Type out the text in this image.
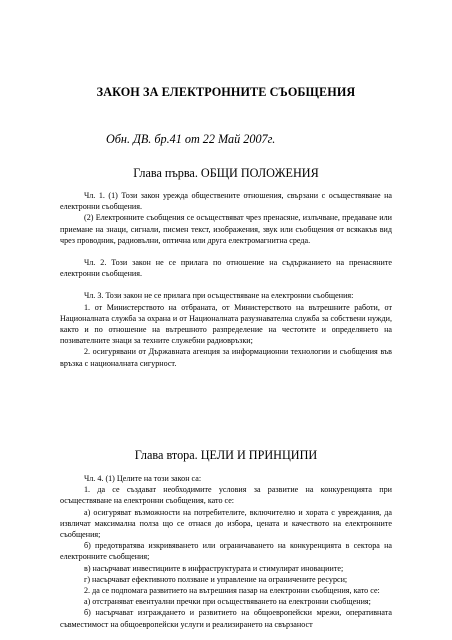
ЗАКОН ЗА ЕЛЕКТРОННИТЕ СЪОБЩЕНИЯ
Обн. ДВ. бр.41 от 22 Май 2007г.
Глава първа. ОБЩИ ПОЛОЖЕНИЯ

Чл. 1. (1) Този закон урежда обществените отношения, свързани с осъществяване на електронни съобщения.

(2) Електронните съобщения се осъществяват чрез пренасяне, излъчване, предаване или приемане на знаци, сигнали, писмен текст, изображения, звук или съобщения от всякакъв вид чрез проводник, радиовълни, оптична или друга електромагнитна среда.

Чл. 2. Този закон не се прилага по отношение на съдържанието на пренасяните електронни съобщения.

Чл. 3. Този закон не се прилага при осъществяване на електронни съобщения:

1. от Министерството на отбраната, от Министерството на вътрешните работи, от Националната служба за охрана и от Националната разузнавателна служба за собствени нужди, както и по отношение на вътрешното разпределение на честотите и определянето на позивателните знаци за техните служебни радиовръзки;

2. осигурявани от Държавната агенция за информационни технологии и съобщения във връзка с националната сигурност.

Глава втора. ЦЕЛИ И ПРИНЦИПИ

Чл. 4. (1) Целите на този закон са:

1. да се създават необходимите условия за развитие на конкуренцията при осъществяване на електронни съобщения, като се:

а) осигуряват възможности на потребителите, включително и хората с увреждания, да извличат максимална полза що се отнася до избора, цената и качеството на електронните съобщения;

б) предотвратява изкривяването или ограничаването на конкуренцията в сектора на електронните съобщения;

в) насърчават инвестициите в инфраструктурата и стимулират иновациите;

г) насърчават ефективното ползване и управление на ограничените ресурси;

2. да се подпомага развитието на вътрешния пазар на електронни съобщения, като се:

а) отстраняват евентуални пречки при осъществяването на електронни съобщения;

б) насърчават изграждането и развитието на общоевропейски мрежи, оперативната съвместимост на общоевропейски услуги и реализирането на свързаност
